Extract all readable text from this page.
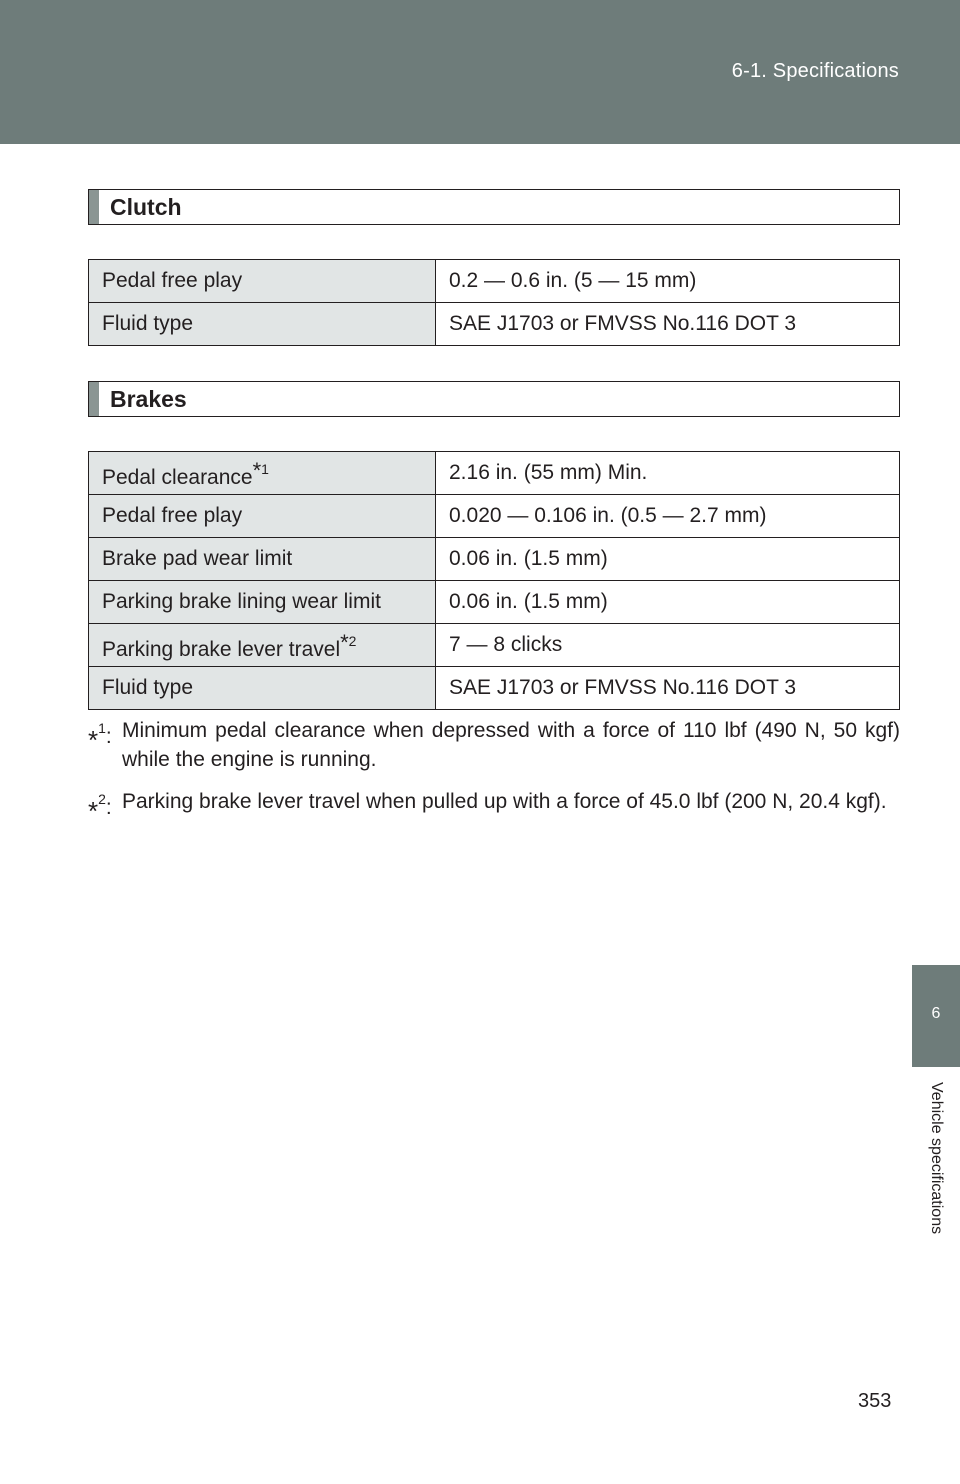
6-1. Specifications
6
Vehicle specifications
Clutch
Pedal free play	0.2 — 0.6 in. (5 — 15 mm)
Fluid type	SAE J1703 or FMVSS No.116 DOT 3
Brakes
Pedal clearance$^{*1}$	2.16 in. (55 mm) Min.
Pedal free play	0.020 — 0.106 in. (0.5 — 2.7 mm)
Brake pad wear limit	0.06 in. (1.5 mm)
Parking brake lining wear limit	0.06 in. (1.5 mm)
Parking brake lever travel$^{*2}$	7 — 8 clicks
Fluid type	SAE J1703 or FMVSS No.116 DOT 3
*$^1$: Minimum pedal clearance when depressed with a force of 110 lbf (490 N, 50 kgf) while the engine is running.
*$^2$: Parking brake lever travel when pulled up with a force of 45.0 lbf (200 N, 20.4 kgf).
353
